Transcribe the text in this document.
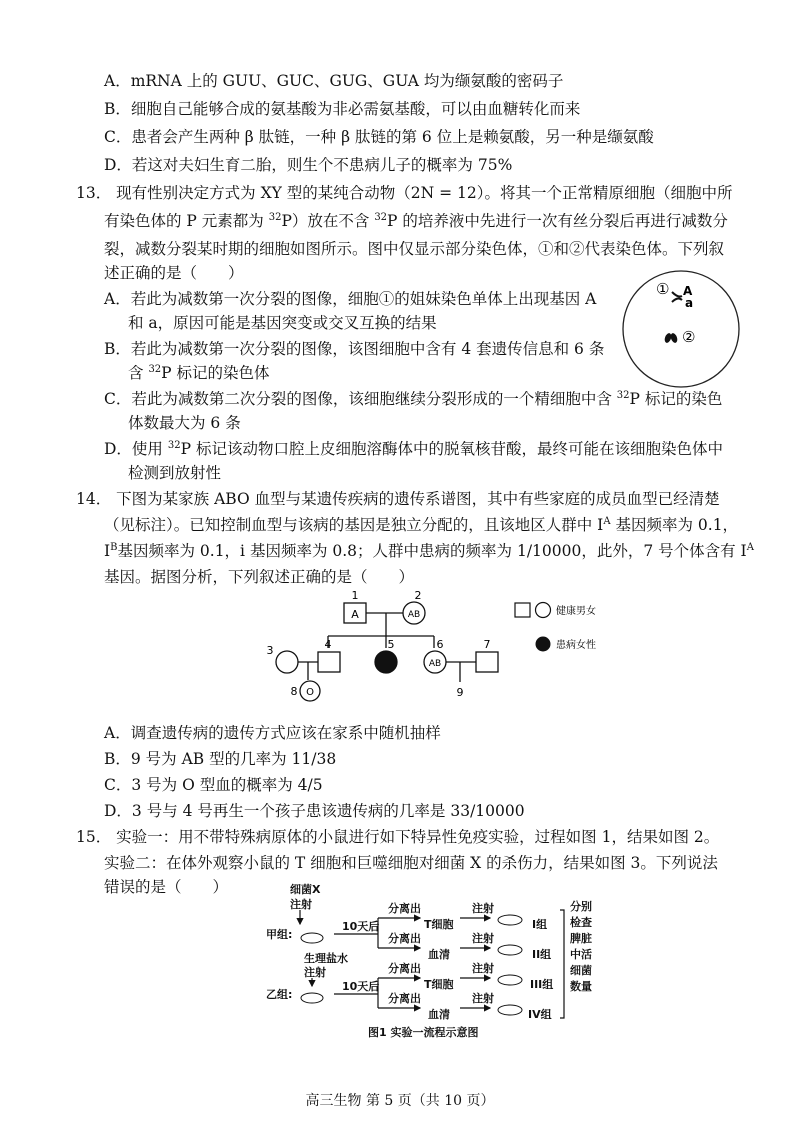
A．mRNA 上的 GUU、GUC、GUG、GUA 均为缬氨酸的密码子
B．细胞自己能够合成的氨基酸为非必需氨基酸，可以由血糖转化而来
C．患者会产生两种 β 肽链，一种 β 肽链的第 6 位上是赖氨酸，另一种是缬氨酸
D．若这对夫妇生育二胎，则生个不患病儿子的概率为 75%
13． 现有性别决定方式为 XY 型的某纯合动物（2N = 12）。将其一个正常精原细胞（细胞中所
有染色体的 P 元素都为 $^{32}$P）放在不含 $^{32}$P 的培养液中先进行一次有丝分裂后再进行减数分
裂，减数分裂某时期的细胞如图所示。图中仅显示部分染色体，①和②代表染色体。下列叙
述正确的是（　　）
A．若此为减数第一次分裂的图像，细胞①的姐妹染色单体上出现基因 A
和 a，原因可能是基因突变或交叉互换的结果
B．若此为减数第一次分裂的图像，该图细胞中含有 4 套遗传信息和 6 条
含 $^{32}$P 标记的染色体
C．若此为减数第二次分裂的图像，该细胞继续分裂形成的一个精细胞中含 $^{32}$P 标记的染色
体数最大为 6 条
D．使用 $^{32}$P 标记该动物口腔上皮细胞溶酶体中的脱氧核苷酸，最终可能在该细胞染色体中
检测到放射性
① A
a
②
14． 下图为某家族 ABO 血型与某遗传疾病的遗传系谱图，其中有些家庭的成员血型已经清楚
（见标注）。已知控制血型与该病的基因是独立分配的，且该地区人群中 $I^A$ 基因频率为 0.1，
$I^B$基因频率为 0.1，i 基因频率为 0.8；人群中患病的频率为 1/10000，此外，7 号个体含有 $I^A$
基因。据图分析，下列叙述正确的是（　　）
1
A
2
AB
3	4	5	6
AB
7
8 O	9
健康男女
患病女性
A．调查遗传病的遗传方式应该在家系中随机抽样
B．9 号为 AB 型的几率为 11/38
C．3 号为 O 型血的概率为 4/5
D．3 号与 4 号再生一个孩子患该遗传病的几率是 33/10000
15． 实验一：用不带特殊病原体的小鼠进行如下特异性免疫实验，过程如图 1，结果如图 2。
实验二：在体外观察小鼠的 T 细胞和巨噬细胞对细菌 X 的杀伤力，结果如图 3。下列说法
错误的是（　　）	细菌X
注射
甲组:
生理盐水
注射
乙组:
10天后
10天后
分离出
分离出
分离出
分离出
T细胞
血清
T细胞
血清
注射
注射
注射
注射
I组
II组
III组
IV组
分别
检查
脾脏
中活
细菌
数量
图1 实验一流程示意图
高三生物 第 5 页（共 10 页）
